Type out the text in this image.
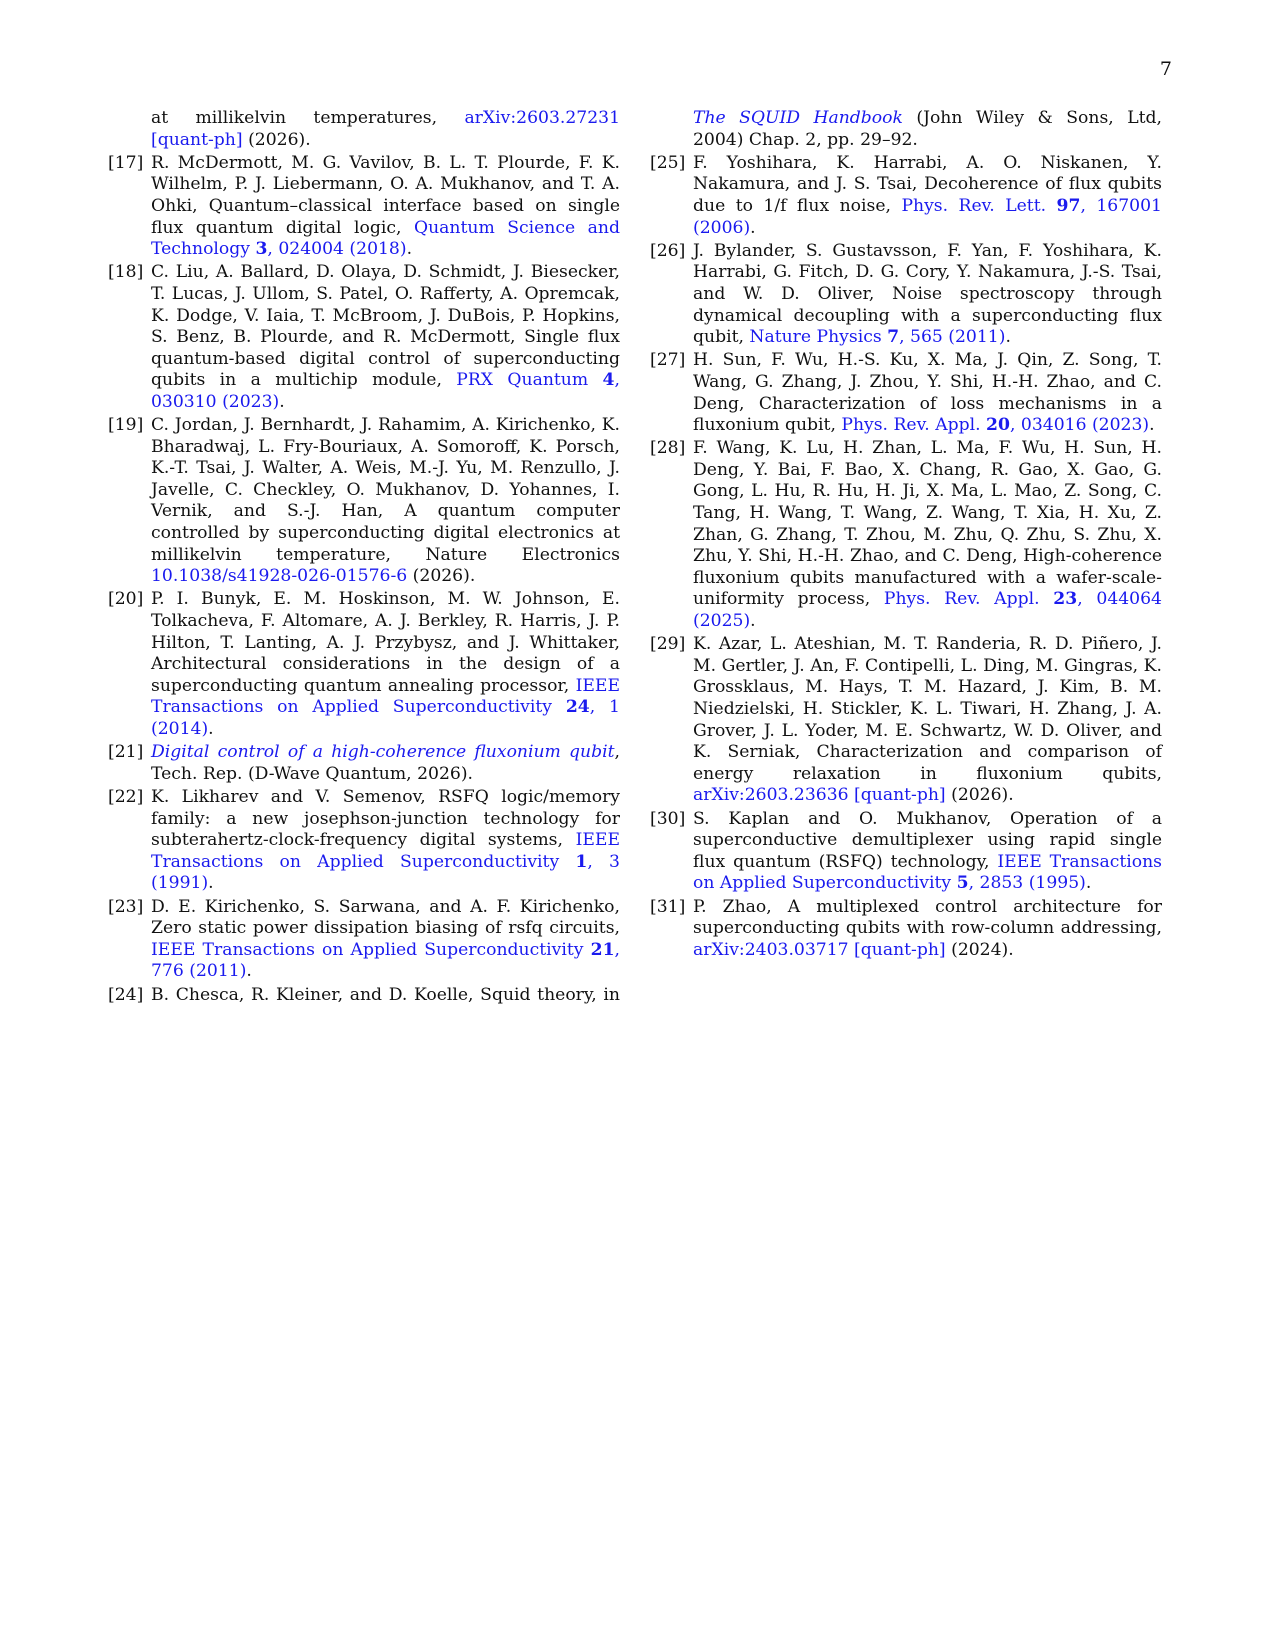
7
at millikelvin temperatures, arXiv:2603.27231 [quant-ph] (2026).
[17] R. McDermott, M. G. Vavilov, B. L. T. Plourde, F. K. Wilhelm, P. J. Liebermann, O. A. Mukhanov, and T. A. Ohki, Quantum–classical interface based on single flux quantum digital logic, Quantum Science and Technology 3, 024004 (2018).
[18] C. Liu, A. Ballard, D. Olaya, D. Schmidt, J. Biesecker, T. Lucas, J. Ullom, S. Patel, O. Rafferty, A. Opremcak, K. Dodge, V. Iaia, T. McBroom, J. DuBois, P. Hopkins, S. Benz, B. Plourde, and R. McDermott, Single flux quantum-based digital control of superconducting qubits in a multichip module, PRX Quantum 4, 030310 (2023).
[19] C. Jordan, J. Bernhardt, J. Rahamim, A. Kirichenko, K. Bharadwaj, L. Fry-Bouriaux, A. Somoroff, K. Porsch, K.-T. Tsai, J. Walter, A. Weis, M.-J. Yu, M. Renzullo, J. Javelle, C. Checkley, O. Mukhanov, D. Yohannes, I. Vernik, and S.-J. Han, A quantum computer controlled by superconducting digital electronics at millikelvin temperature, Nature Electronics 10.1038/s41928-026-01576-6 (2026).
[20] P. I. Bunyk, E. M. Hoskinson, M. W. Johnson, E. Tolkacheva, F. Altomare, A. J. Berkley, R. Harris, J. P. Hilton, T. Lanting, A. J. Przybysz, and J. Whittaker, Architectural considerations in the design of a superconducting quantum annealing processor, IEEE Transactions on Applied Superconductivity 24, 1 (2014).
[21] Digital control of a high-coherence fluxonium qubit, Tech. Rep. (D-Wave Quantum, 2026).
[22] K. Likharev and V. Semenov, RSFQ logic/memory family: a new josephson-junction technology for subterahertz-clock-frequency digital systems, IEEE Transactions on Applied Superconductivity 1, 3 (1991).
[23] D. E. Kirichenko, S. Sarwana, and A. F. Kirichenko, Zero static power dissipation biasing of rsfq circuits, IEEE Transactions on Applied Superconductivity 21, 776 (2011).
[24] B. Chesca, R. Kleiner, and D. Koelle, Squid theory, in
The SQUID Handbook (John Wiley & Sons, Ltd, 2004) Chap. 2, pp. 29–92.
[25] F. Yoshihara, K. Harrabi, A. O. Niskanen, Y. Nakamura, and J. S. Tsai, Decoherence of flux qubits due to 1/f flux noise, Phys. Rev. Lett. 97, 167001 (2006).
[26] J. Bylander, S. Gustavsson, F. Yan, F. Yoshihara, K. Harrabi, G. Fitch, D. G. Cory, Y. Nakamura, J.-S. Tsai, and W. D. Oliver, Noise spectroscopy through dynamical decoupling with a superconducting flux qubit, Nature Physics 7, 565 (2011).
[27] H. Sun, F. Wu, H.-S. Ku, X. Ma, J. Qin, Z. Song, T. Wang, G. Zhang, J. Zhou, Y. Shi, H.-H. Zhao, and C. Deng, Characterization of loss mechanisms in a fluxonium qubit, Phys. Rev. Appl. 20, 034016 (2023).
[28] F. Wang, K. Lu, H. Zhan, L. Ma, F. Wu, H. Sun, H. Deng, Y. Bai, F. Bao, X. Chang, R. Gao, X. Gao, G. Gong, L. Hu, R. Hu, H. Ji, X. Ma, L. Mao, Z. Song, C. Tang, H. Wang, T. Wang, Z. Wang, T. Xia, H. Xu, Z. Zhan, G. Zhang, T. Zhou, M. Zhu, Q. Zhu, S. Zhu, X. Zhu, Y. Shi, H.-H. Zhao, and C. Deng, High-coherence fluxonium qubits manufactured with a wafer-scale-uniformity process, Phys. Rev. Appl. 23, 044064 (2025).
[29] K. Azar, L. Ateshian, M. T. Randeria, R. D. Piñero, J. M. Gertler, J. An, F. Contipelli, L. Ding, M. Gingras, K. Grossklaus, M. Hays, T. M. Hazard, J. Kim, B. M. Niedzielski, H. Stickler, K. L. Tiwari, H. Zhang, J. A. Grover, J. L. Yoder, M. E. Schwartz, W. D. Oliver, and K. Serniak, Characterization and comparison of energy relaxation in fluxonium qubits, arXiv:2603.23636 [quant-ph] (2026).
[30] S. Kaplan and O. Mukhanov, Operation of a superconductive demultiplexer using rapid single flux quantum (RSFQ) technology, IEEE Transactions on Applied Superconductivity 5, 2853 (1995).
[31] P. Zhao, A multiplexed control architecture for superconducting qubits with row-column addressing, arXiv:2403.03717 [quant-ph] (2024).
